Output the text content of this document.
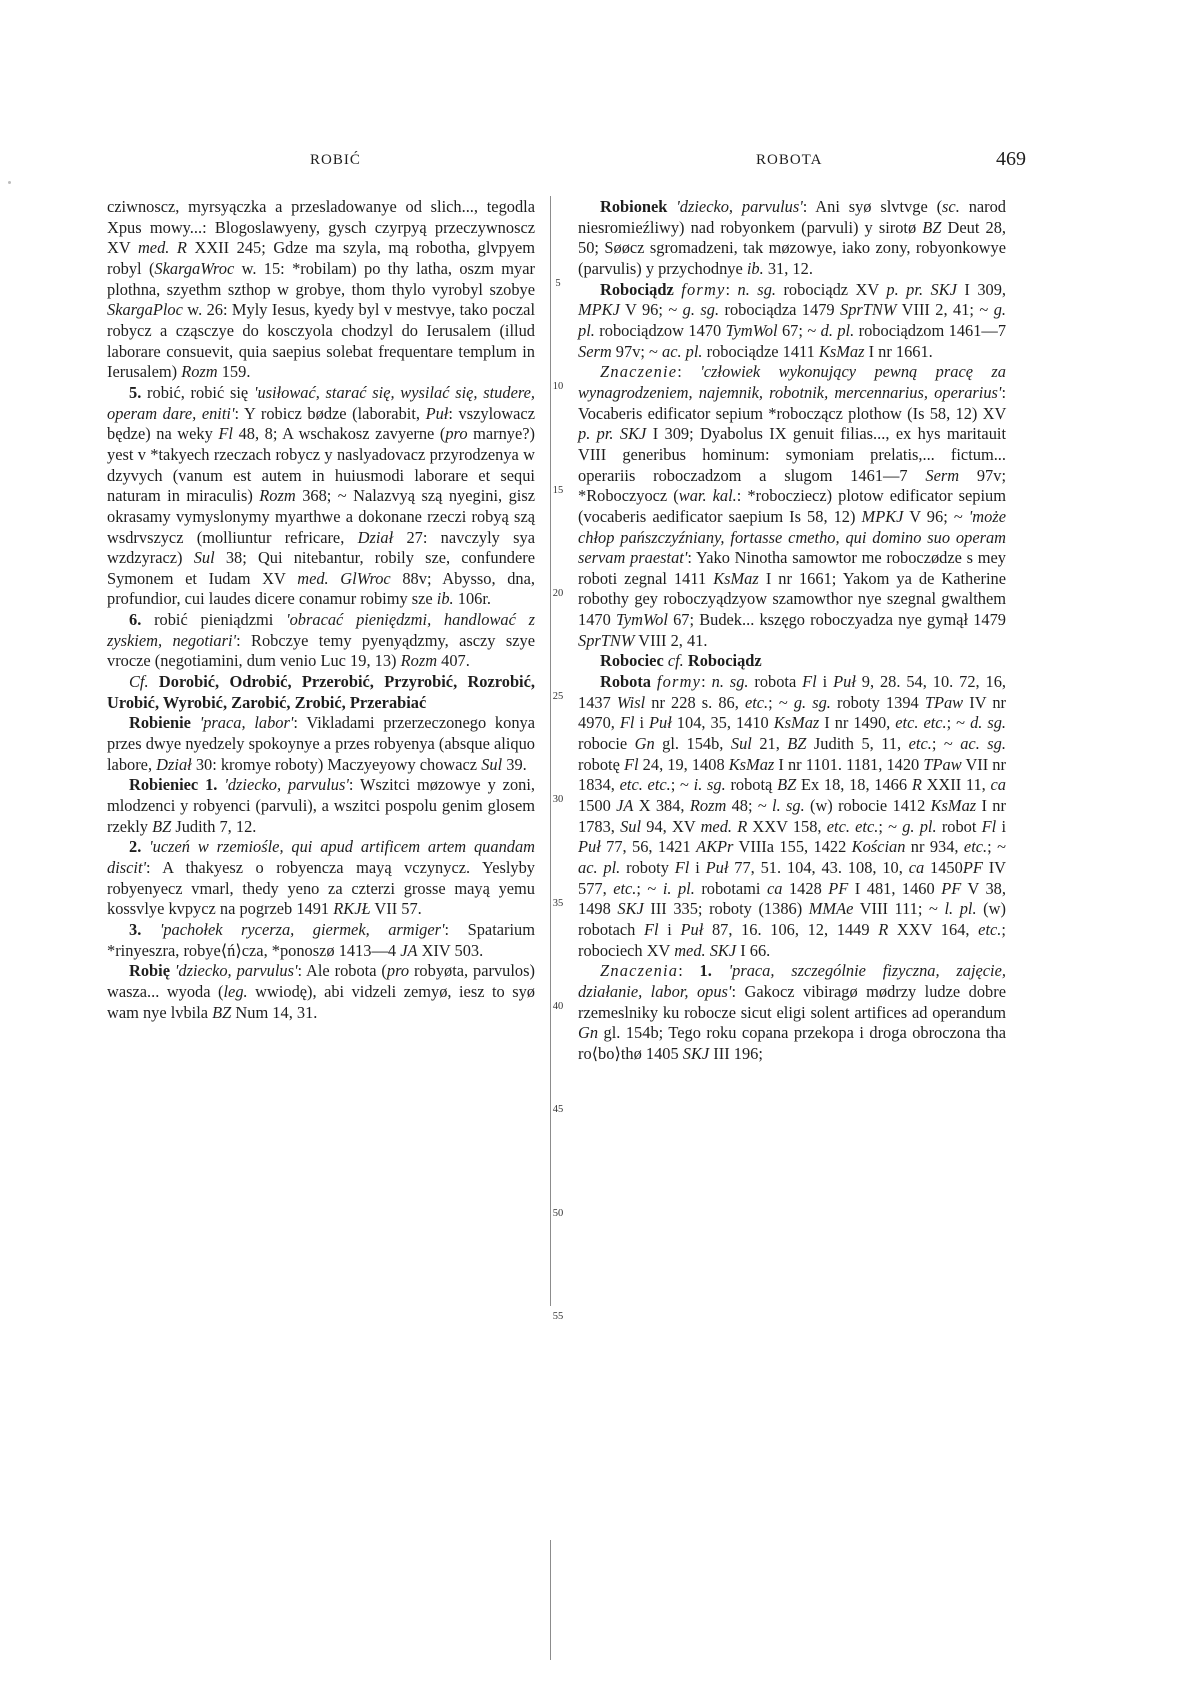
ROBIĆ	ROBOTA	469
5
10
15
20
25
30
35
40
45
50
55

czіwnoscz, myrsyączka a przeslаdowanye od slich..., tegodla Xpus mowy...: Blogoslawyeny, gysch czyrpyą przeczywnoscz XV med. R XXII 245; Gdze ma szyla, mą robotha, glvpyem robyl (SkargaWroc w. 15: *robilam) po thy latha, oszm myar plothna, szyethm szthop w grobye, thom thylo vyrobyl szobye SkargaPloc w. 26: Myly Iesus, kyedy byl v mestvye, tako poczal robycz a cząsczye do kosczyola chodzyl do Ierusalem (illud laborare consuevit, quia saepius solebat frequentare templum in Ierusalem) Rozm 159.

5. robić, robić się 'usiłować, starać się, wysilać się, studere, operam dare, eniti': Y robicz bødze (laborabit, Puł: vszylowacz będze) na weky Fl 48, 8; A wschakosz zavyerne (pro marnye?) yest v *takyech rzeczach robycz y naslyadovacz przyrodzenya w dzyvych (vanum est autem in huiusmodi laborare et sequi naturam in miraculis) Rozm 368; ~ Nalazvyą szą nyegini, gisz okrasamy vymyslonymy myarthwe a dokonane rzeczi robyą szą wsdrvszycz (molliuntur refricare, Dział 27: navczyly sya wzdzyracz) Sul 38; Qui nitebantur, robily sze, confundere Symonem et Iudam XV med. GlWroc 88v; Abysso, dna, profundior, cui laudes dicere conamur robimy sze ib. 106r.

6. robić pieniądzmi 'obracać pieniędzmi, handlować z zyskiem, negotiari': Robczye temy pyenyądzmy, asczy szye vrocze (negotiamini, dum venio Luc 19, 13) Rozm 407.

Cf. Dorobić, Odrobić, Przerobić, Przyrobić, Rozrobić, Urobić, Wyrobić, Zarobić, Zrobić, Przerabiać

Robienie 'praca, labor': Vikladami przerzeczonego konya przes dwye nyedzely spokoynye a przes robyenya (absque aliquo labore, Dział 30: kromye roboty) Maczyeyowy chowacz Sul 39.

Robieniec 1. 'dziecko, parvulus': Wszitci møzowye y zoni, mlodzenci y robyenci (parvuli), a wszitci pospolu genim glosem rzekly BZ Judith 7, 12.

2. 'uczeń w rzemiośle, qui apud artificem artem quandam discit': A thakyesz o robyencza mayą vczynycz. Yeslyby robyenyecz vmarl, thedy yeno za czterzi grosse mayą yemu kossvlye kvpycz na pogrzeb 1491 RKJŁ VII 57.

3. 'pachołek rycerza, giermek, armiger': Spatarium *rinyeszra, robye⟨ń⟩cza, *ponoszø 1413—4 JA XIV 503.

Robię 'dziecko, parvulus': Ale robota (pro robyøta, parvulos) wasza... wyoda (leg. wwiodę), abi vidzeli zemyø, iesz to syø wam nye lvbila BZ Num 14, 31.

Robionek 'dziecko, parvulus': Ani syø slvtvge (sc. narod niesromieźliwy) nad robyonkem (parvuli) y sirotø BZ Deut 28, 50; Søøcz sgromadzeni, tak møzowye, iako zony, robyonkowye (parvulis) y przychodnye ib. 31, 12.

Robociądz formy: n. sg. robociądz XV p. pr. SKJ I 309, MPKJ V 96; ~ g. sg. robociądza 1479 SprTNW VIII 2, 41; ~ g. pl. robociądzow 1470 TymWol 67; ~ d. pl. robociądzom 1461—7 Serm 97v; ~ ac. pl. robociądze 1411 KsMaz I nr 1661.

Znaczenie: 'człowiek wykonujący pewną pracę za wynagrodzeniem, najemnik, robotnik, mercennarius, operarius': Vocaberis edificator sepium *roboczącz plothow (Is 58, 12) XV p. pr. SKJ I 309; Dyabolus IX genuit filias..., ex hys maritauit VIII generibus hominum: symoniam prelatis,... fictum... operariis roboczadzom a slugom 1461—7 Serm 97v; *Roboczyocz (war. kal.: *robocziecz) plotow edificator sepium (vocaberis aedificator saepium Is 58, 12) MPKJ V 96; ~ 'może chłop pańszczyźniany, fortasse cmetho, qui domino suo operam servam praestat': Yako Ninotha samowtor me roboczødze s mey roboti zegnal 1411 KsMaz I nr 1661; Yakom ya de Katherine robothy gey roboczyądzyow szamowthor nye szegnal gwalthem 1470 TymWol 67; Budek... kszęgo roboczyadza nye gymął 1479 SprTNW VIII 2, 41.

Robociec cf. Robociądz

Robota formy: n. sg. robota Fl i Puł 9, 28. 54, 10. 72, 16, 1437 Wisl nr 228 s. 86, etc.; ~ g. sg. roboty 1394 TPaw IV nr 4970, Fl i Puł 104, 35, 1410 KsMaz I nr 1490, etc. etc.; ~ d. sg. robocie Gn gl. 154b, Sul 21, BZ Judith 5, 11, etc.; ~ ac. sg. robotę Fl 24, 19, 1408 KsMaz I nr 1101. 1181, 1420 TPaw VII nr 1834, etc. etc.; ~ i. sg. robotą BZ Ex 18, 18, 1466 R XXII 11, ca 1500 JA X 384, Rozm 48; ~ l. sg. (w) robocie 1412 KsMaz I nr 1783, Sul 94, XV med. R XXV 158, etc. etc.; ~ g. pl. robot Fl i Puł 77, 56, 1421 AKPr VIIIa 155, 1422 Kościan nr 934, etc.; ~ ac. pl. roboty Fl i Puł 77, 51. 104, 43. 108, 10, ca 1450PF IV 577, etc.; ~ i. pl. robotami ca 1428 PF I 481, 1460 PF V 38, 1498 SKJ III 335; roboty (1386) MMAe VIII 111; ~ l. pl. (w) robotach Fl i Puł 87, 16. 106, 12, 1449 R XXV 164, etc.; robociech XV med. SKJ I 66.

Znaczenia: 1. 'praca, szczególnie fizyczna, zajęcie, działanie, labor, opus': Gakocz vibiragø mødrzy ludze dobre rzemeslniky ku robocze sicut eligi solent artifices ad operandum Gn gl. 154b; Tego roku copana przekopa i droga obroczona tha ro⟨bo⟩thø 1405 SKJ III 196;
